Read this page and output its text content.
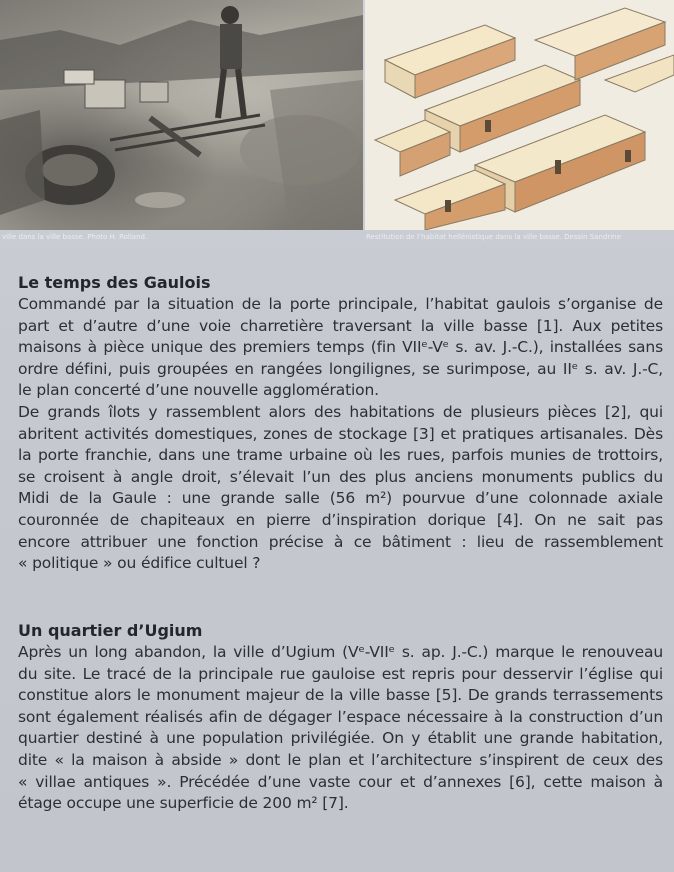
ville dans la ville basse. Photo H. Rolland.	Restitution de l’habitat hellénistique dans la ville basse. Dessin Sandrine
Le temps des Gaulois
Commandé par la situation de la porte principale, l’habitat gaulois s’organise de
part et d’autre d’une voie charretière traversant la ville basse [1]. Aux petites
maisons à pièce unique des premiers temps (fin VIIᵉ-Vᵉ s. av. J.-C.), installées sans
ordre défini, puis groupées en rangées longilignes, se surimpose, au IIᵉ s. av. J.-C,
le plan concerté d’une nouvelle agglomération.
De grands îlots y rassemblent alors des habitations de plusieurs pièces [2], qui
abritent activités domestiques, zones de stockage [3] et pratiques artisanales. Dès
la porte franchie, dans une trame urbaine où les rues, parfois munies de trottoirs,
se croisent à angle droit, s’élevait l’un des plus anciens monuments publics du
Midi de la Gaule : une grande salle (56 m²) pourvue d’une colonnade axiale
couronnée de chapiteaux en pierre d’inspiration dorique [4]. On ne sait pas
encore attribuer une fonction précise à ce bâtiment : lieu de rassemblement
« politique » ou édifice cultuel ?
Un quartier d’Ugium
Après un long abandon, la ville d’Ugium (Vᵉ-VIIᵉ s. ap. J.-C.) marque le renouveau
du site. Le tracé de la principale rue gauloise est repris pour desservir l’église qui
constitue alors le monument majeur de la ville basse [5]. De grands terrassements
sont également réalisés afin de dégager l’espace nécessaire à la construction d’un
quartier destiné à une population privilégiée. On y établit une grande habitation,
dite « la maison à abside » dont le plan et l’architecture s’inspirent de ceux des
« villae antiques ». Précédée d’une vaste cour et d’annexes [6], cette maison à
étage occupe une superficie de 200 m² [7].
